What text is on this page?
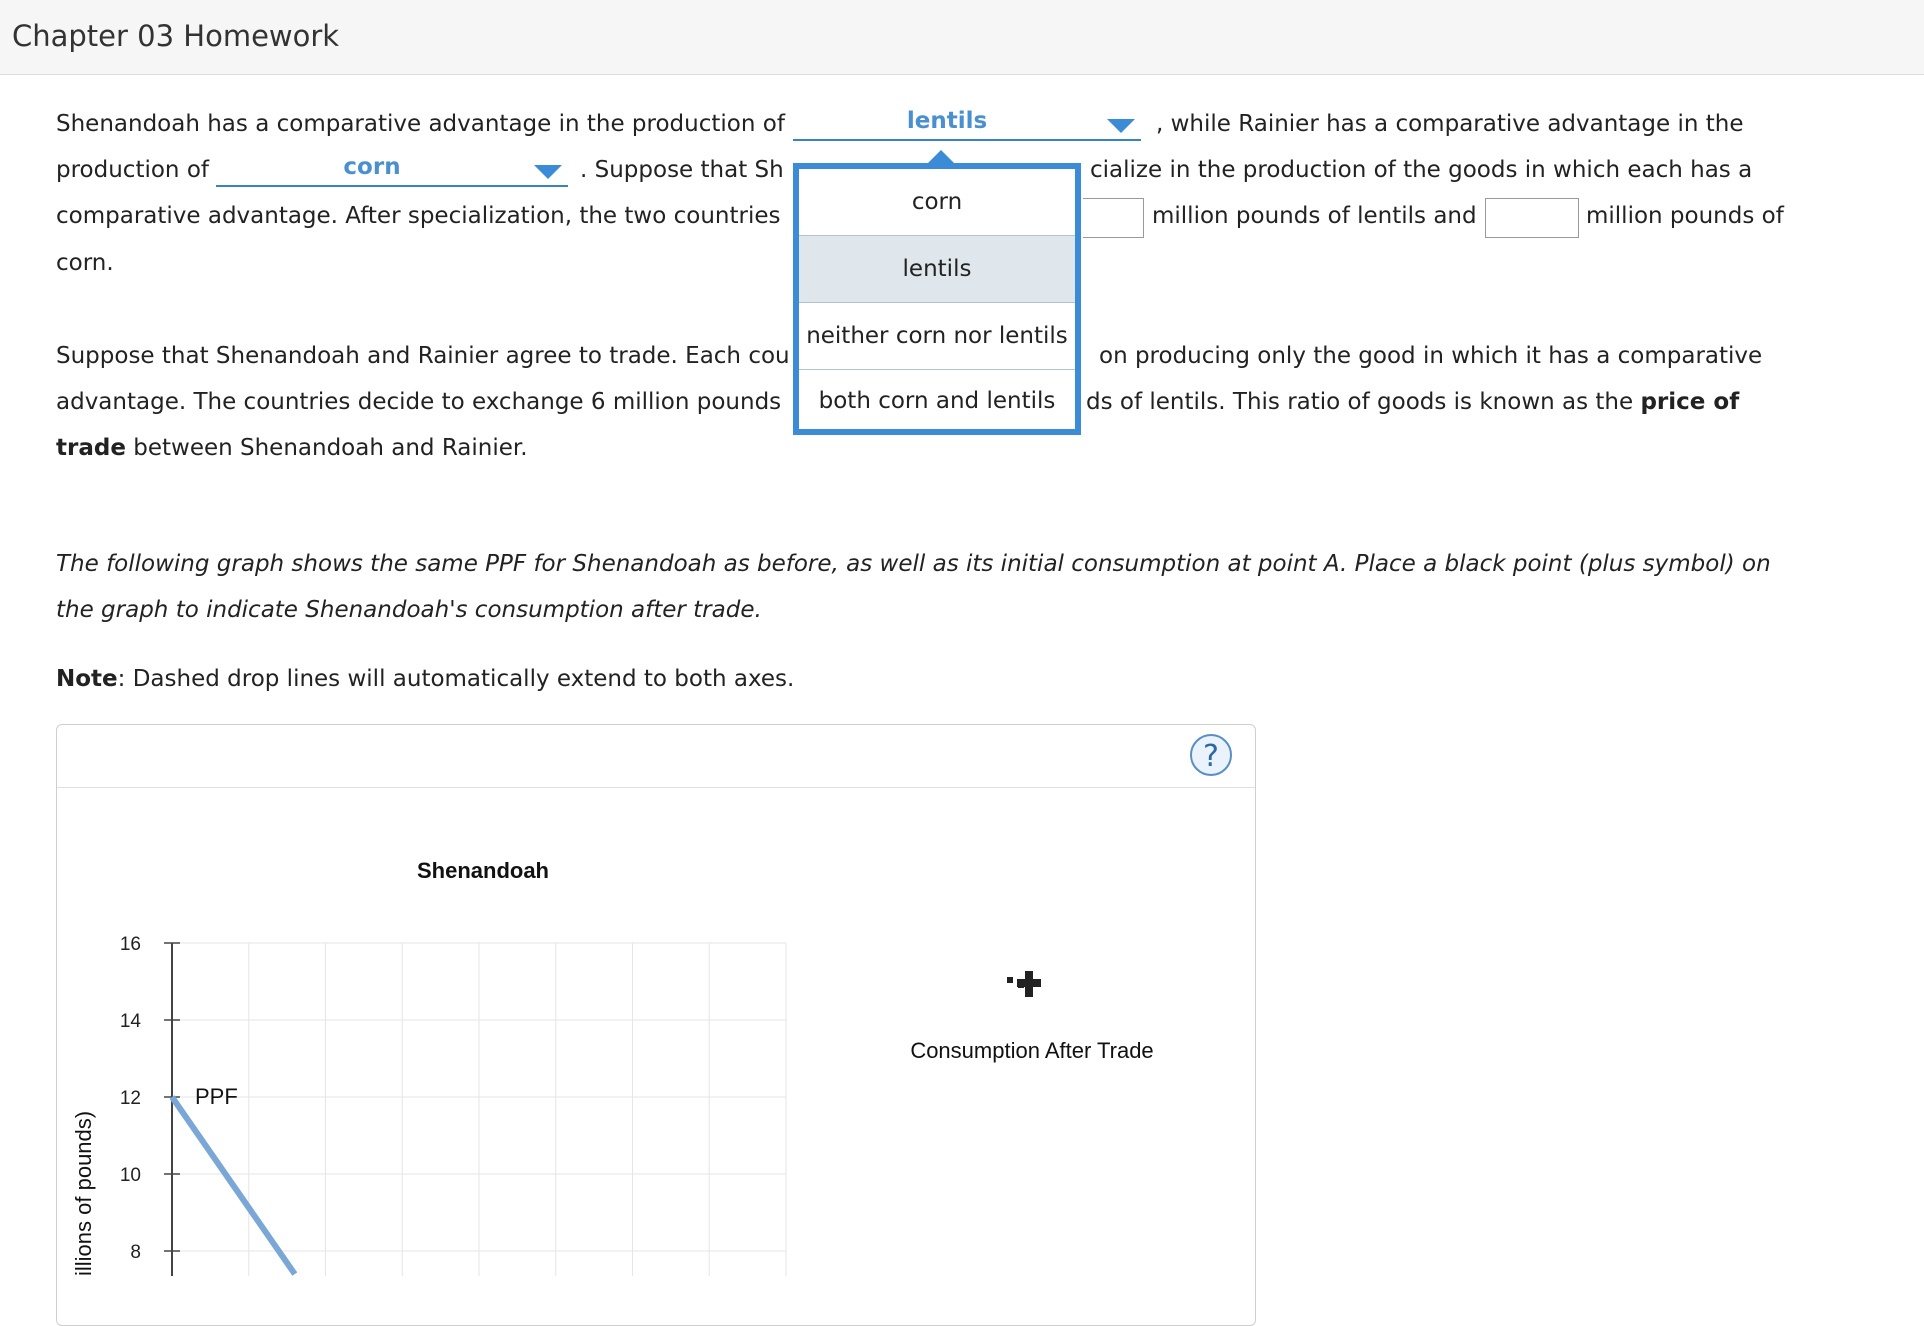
Chapter 03 Homework
Shenandoah has a comparative advantage in the production of	lentils	, while Rainier has a comparative advantage in the
production of	corn	. Suppose that Sh	cialize in the production of the goods in which each has a
comparative advantage. After specialization, the two countries	million pounds of lentils and	million pounds of
corn.
Suppose that Shenandoah and Rainier agree to trade. Each cou	on producing only the good in which it has a comparative
advantage. The countries decide to exchange 6 million pounds	ds of lentils. This ratio of goods is known as the price of
trade between Shenandoah and Rainier.
The following graph shows the same PPF for Shenandoah as before, as well as its initial consumption at point A. Place a black point (plus symbol) on
the graph to indicate Shenandoah's consumption after trade.
Note: Dashed drop lines will automatically extend to both axes.
?
Shenandoah
16
14
12
10
8
illions of pounds)
PPF
Consumption After Trade
corn
lentils
neither corn nor lentils
both corn and lentils
